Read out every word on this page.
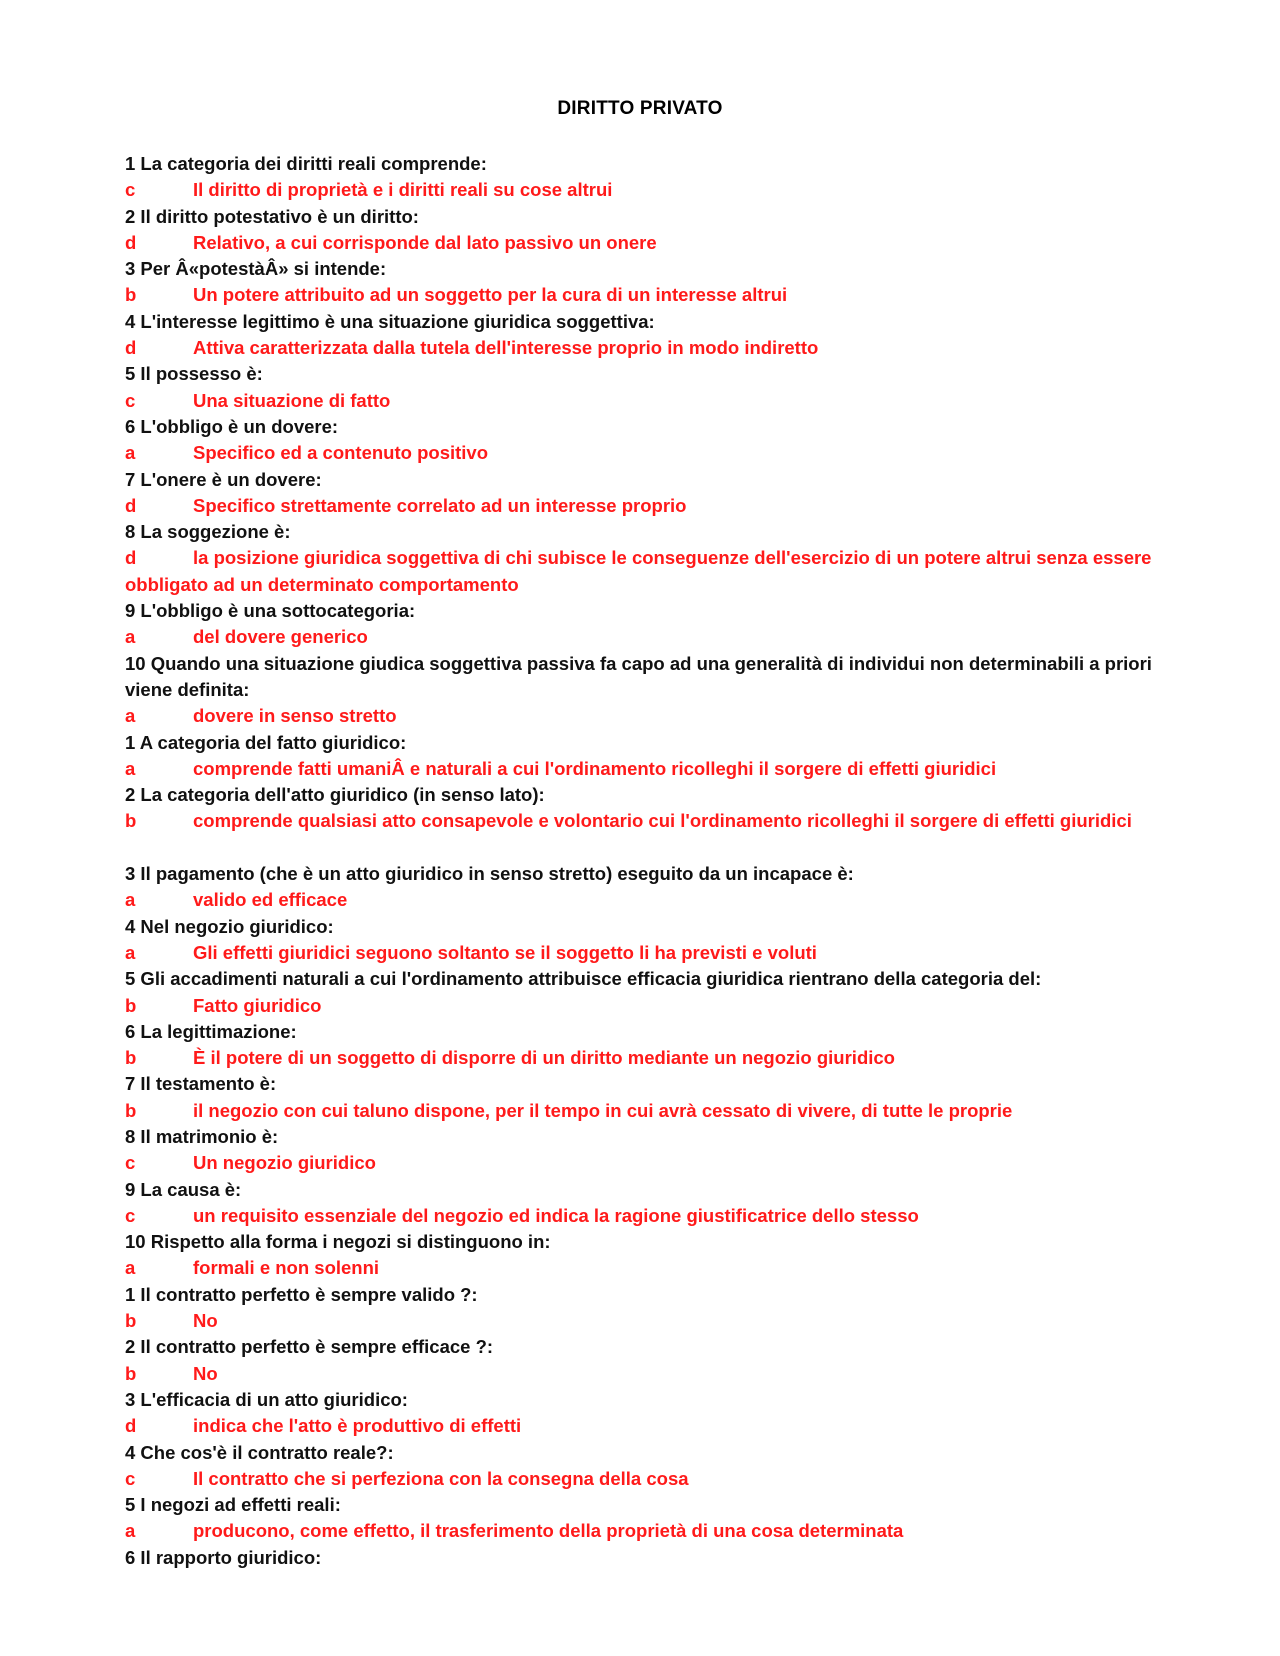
DIRITTO PRIVATO
1 La categoria dei diritti reali comprende:
c	Il diritto di proprietà e i diritti reali su cose altrui
2 Il diritto potestativo è un diritto:
d	Relativo, a cui corrisponde dal lato passivo un onere
3 Per Â«potestàÂ» si intende:
b	Un potere attribuito ad un soggetto per la cura di un interesse altrui
4 L'interesse legittimo è una situazione giuridica soggettiva:
d	Attiva caratterizzata dalla tutela dell'interesse proprio in modo indiretto
5 Il possesso è:
c	Una situazione di fatto
6 L'obbligo è un dovere:
a	Specifico ed a contenuto positivo
7 L'onere è un dovere:
d	Specifico strettamente correlato ad un interesse proprio
8 La soggezione è:
d	la posizione giuridica soggettiva di chi subisce le conseguenze dell'esercizio di un potere altrui senza essere obbligato ad un determinato comportamento
9 L'obbligo è una sottocategoria:
a	del dovere generico
10 Quando una situazione giudica soggettiva passiva fa capo ad una generalità di individui non determinabili a priori viene definita:
a	dovere in senso stretto
1 A categoria del fatto giuridico:
a	comprende fatti umaniÂ e naturali a cui l'ordinamento ricolleghi il sorgere di effetti giuridici
2 La categoria dell'atto giuridico (in senso lato):
b	comprende qualsiasi atto consapevole e volontario cui l'ordinamento ricolleghi il sorgere di effetti giuridici
3 Il pagamento (che è un atto giuridico in senso stretto) eseguito da un incapace è:
a	valido ed efficace
4 Nel negozio giuridico:
a	Gli effetti giuridici seguono soltanto se il soggetto li ha previsti e voluti
5 Gli accadimenti naturali a cui l'ordinamento attribuisce efficacia giuridica rientrano della categoria del:
b	Fatto giuridico
6 La legittimazione:
b	È il potere di un soggetto di disporre di un diritto mediante un negozio giuridico
7 Il testamento è:
b	il negozio con cui taluno dispone, per il tempo in cui avrà cessato di vivere, di tutte le proprie
8 Il matrimonio è:
c	Un negozio giuridico
9 La causa è:
c	un requisito essenziale del negozio ed indica la ragione giustificatrice dello stesso
10 Rispetto alla forma i negozi si distinguono in:
a	formali e non solenni
1 Il contratto perfetto è sempre valido ?:
b	No
2 Il contratto perfetto è sempre efficace ?:
b	No
3 L'efficacia di un atto giuridico:
d	indica che l'atto è produttivo di effetti
4 Che cos'è il contratto reale?:
c	Il contratto che si perfeziona con la consegna della cosa
5 I negozi ad effetti reali:
a	producono, come effetto, il trasferimento della proprietà di una cosa determinata
6 Il rapporto giuridico:
